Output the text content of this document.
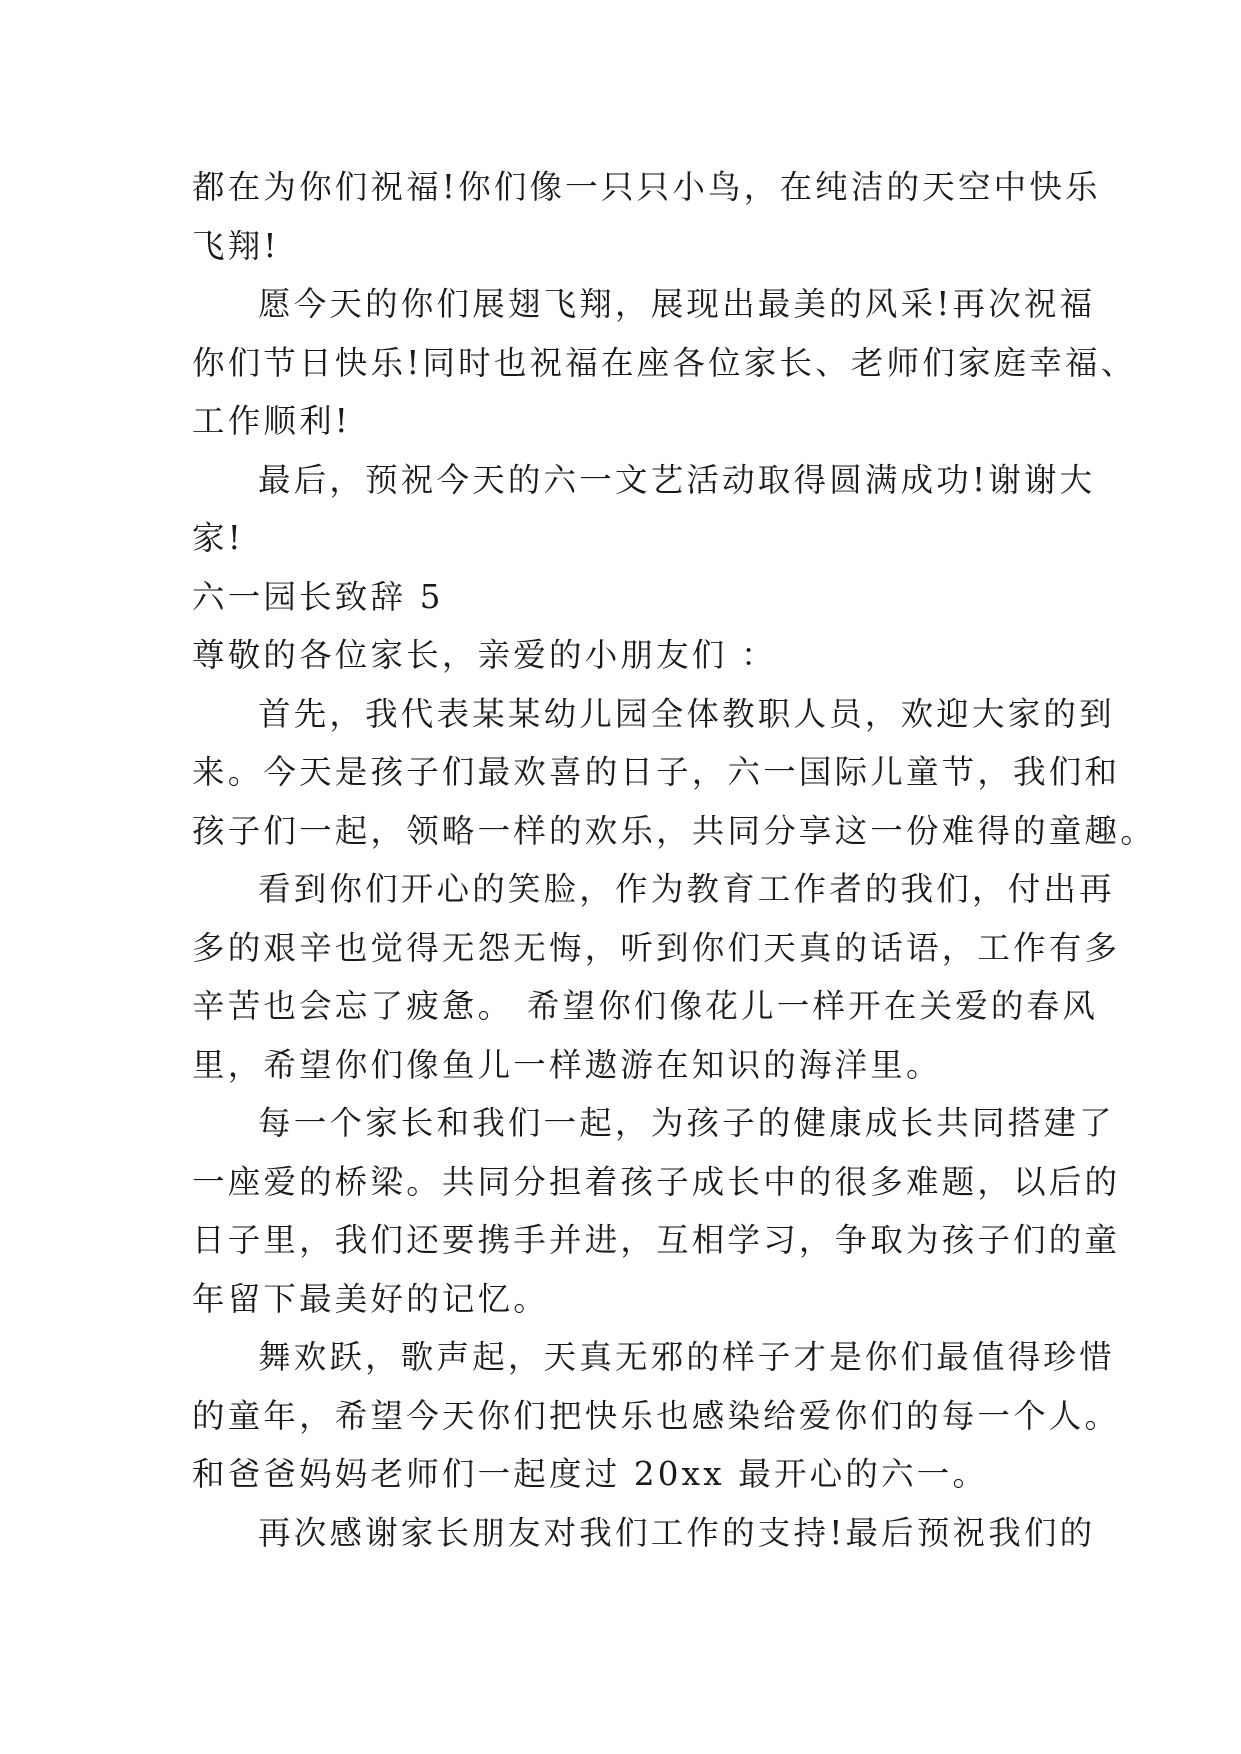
都在为你们祝福!你们像一只只小鸟，在纯洁的天空中快乐
飞翔!
愿今天的你们展翅飞翔，展现出最美的风采!再次祝福
你们节日快乐!同时也祝福在座各位家长、老师们家庭幸福、
工作顺利!
最后，预祝今天的六一文艺活动取得圆满成功!谢谢大
家!
六一园长致辞 5
尊敬的各位家长，亲爱的小朋友们 ：
首先，我代表某某幼儿园全体教职人员，欢迎大家的到
来。今天是孩子们最欢喜的日子，六一国际儿童节，我们和
孩子们一起，领略一样的欢乐，共同分享这一份难得的童趣。
看到你们开心的笑脸，作为教育工作者的我们，付出再
多的艰辛也觉得无怨无悔，听到你们天真的话语，工作有多
辛苦也会忘了疲惫。 希望你们像花儿一样开在关爱的春风
里，希望你们像鱼儿一样遨游在知识的海洋里。
每一个家长和我们一起，为孩子的健康成长共同搭建了
一座爱的桥梁。共同分担着孩子成长中的很多难题，以后的
日子里，我们还要携手并进，互相学习，争取为孩子们的童
年留下最美好的记忆。
舞欢跃，歌声起，天真无邪的样子才是你们最值得珍惜
的童年，希望今天你们把快乐也感染给爱你们的每一个人。
和爸爸妈妈老师们一起度过 20xx 最开心的六一。
再次感谢家长朋友对我们工作的支持!最后预祝我们的
